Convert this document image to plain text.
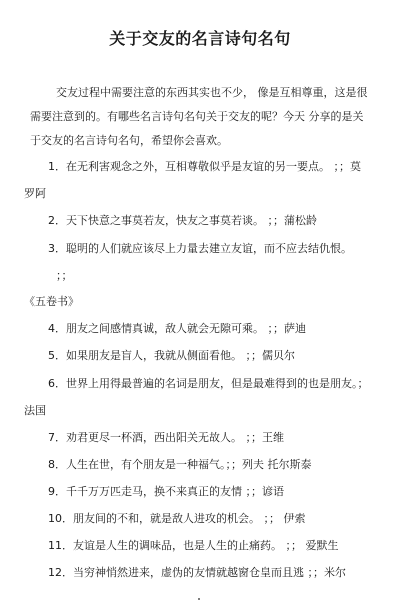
关于交友的名言诗句名句
交友过程中需要注意的东西其实也不少， 像是互相尊重，这是很
需要注意到的。有哪些名言诗句名句关于交友的呢？今天 分享的是关
于交友的名言诗句名句，希望你会喜欢。
1．在无利害观念之外，互相尊敬似乎是友谊的另一要点。 ；；莫
罗阿
2．天下快意之事莫若友，快友之事莫若谈。 ；；蒲松龄
3．聪明的人们就应该尽上力量去建立友谊，而不应去结仇恨。
；；
《五卷书》
4．朋友之间感情真诚，敌人就会无隙可乘。 ；；萨迪
5．如果朋友是盲人，我就从侧面看他。 ；；儒贝尔
6．世界上用得最普遍的名词是朋友，但是最难得到的也是朋友。；
法国
7．劝君更尽一杯酒，西出阳关无故人。 ；；王维
8．人生在世，有个朋友是一种福气。；；列夫 托尔斯泰
9．千千万万匹走马，换不来真正的友情 ；；谚语
10．朋友间的不和，就是敌人进攻的机会。 ；； 伊索
11．友谊是人生的调味品，也是人生的止痛药。 ；； 爱默生
12．当穷神悄然进来，虚伪的友情就越窗仓皇而且逃 ；；米尔
